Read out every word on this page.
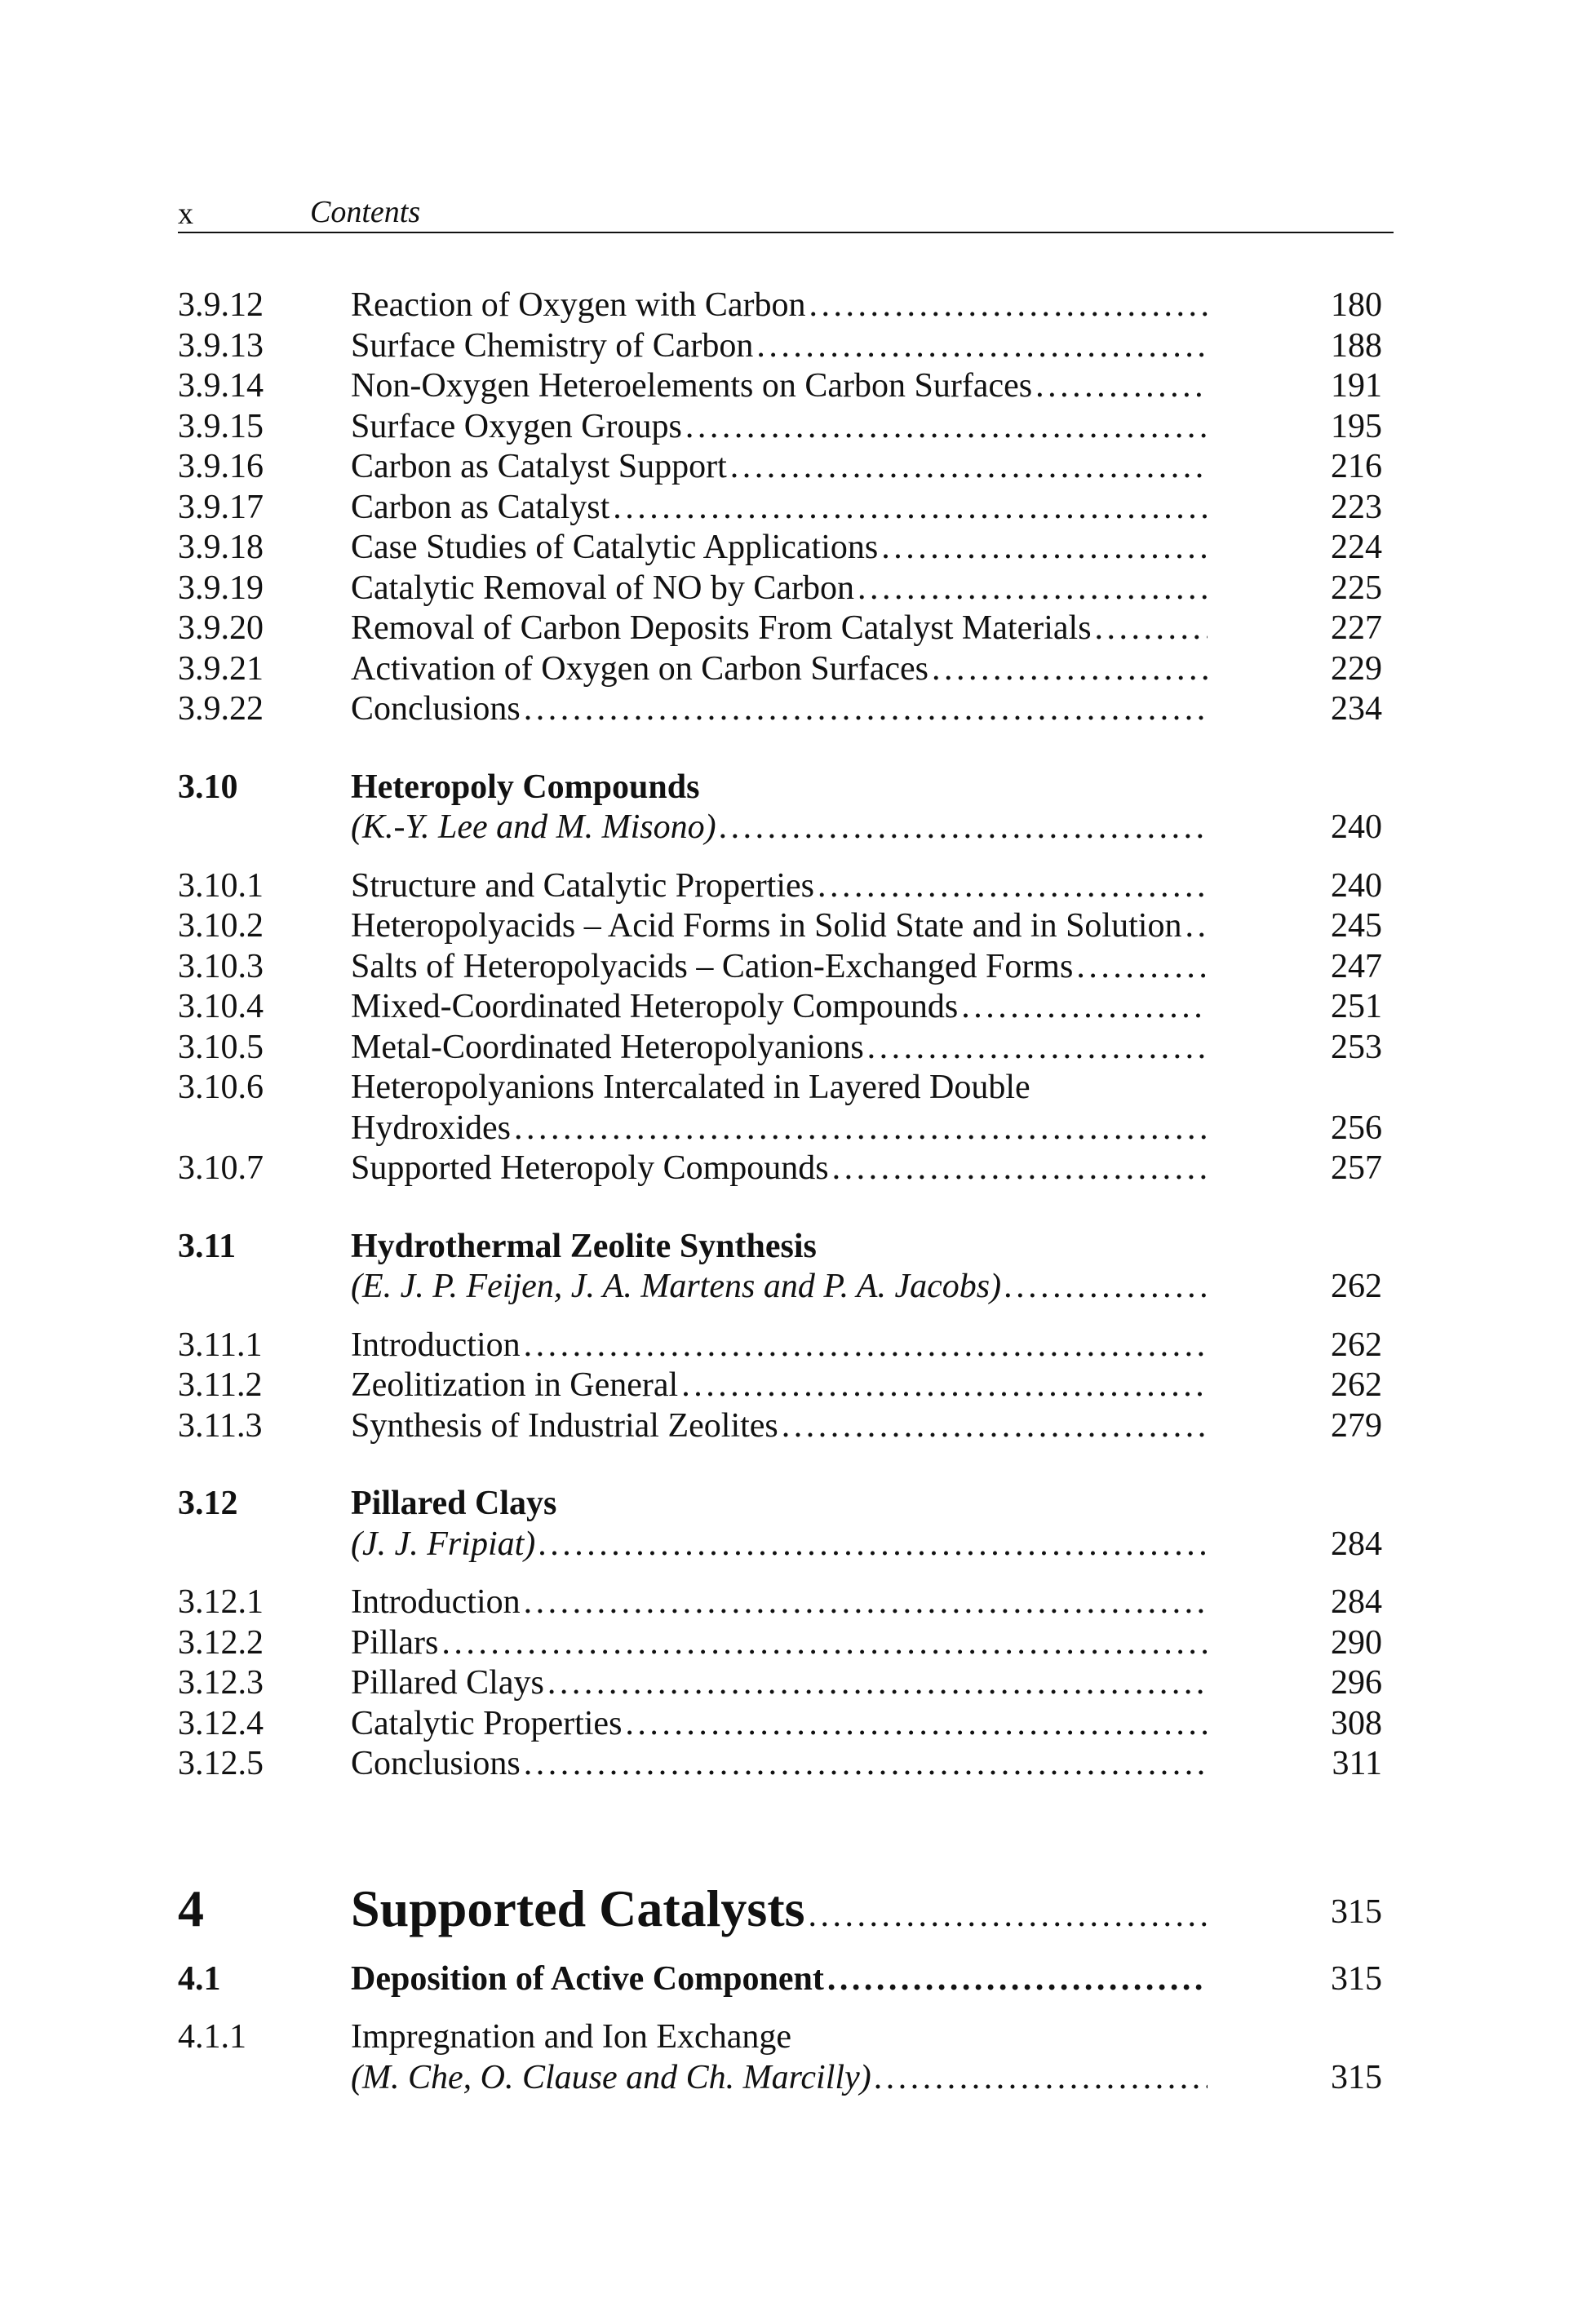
x	Contents
3.9.12	Reaction of Oxygen with Carbon . . .	180
3.9.13	Surface Chemistry of Carbon . . .	188
3.9.14	Non-Oxygen Heteroelements on Carbon Surfaces . . .	191
3.9.15	Surface Oxygen Groups . . .	195
3.9.16	Carbon as Catalyst Support . . .	216
3.9.17	Carbon as Catalyst . . .	223
3.9.18	Case Studies of Catalytic Applications . . .	224
3.9.19	Catalytic Removal of NO by Carbon . . .	225
3.9.20	Removal of Carbon Deposits From Catalyst Materials . . .	227
3.9.21	Activation of Oxygen on Carbon Surfaces . . .	229
3.9.22	Conclusions . . .	234
3.10	Heteropoly Compounds
(K.-Y. Lee and M. Misono) . . .	240
3.10.1	Structure and Catalytic Properties . . .	240
3.10.2	Heteropolyacids – Acid Forms in Solid State and in Solution . . .	245
3.10.3	Salts of Heteropolyacids – Cation-Exchanged Forms . . .	247
3.10.4	Mixed-Coordinated Heteropoly Compounds . . .	251
3.10.5	Metal-Coordinated Heteropolyanions . . .	253
3.10.6	Heteropolyanions Intercalated in Layered Double
Hydroxides . . .	256
3.10.7	Supported Heteropoly Compounds . . .	257
3.11	Hydrothermal Zeolite Synthesis
(E. J. P. Feijen, J. A. Martens and P. A. Jacobs) . . .	262
3.11.1	Introduction . . .	262
3.11.2	Zeolitization in General . . .	262
3.11.3	Synthesis of Industrial Zeolites . . .	279
3.12	Pillared Clays
(J. J. Fripiat) . . .	284
3.12.1	Introduction . . .	284
3.12.2	Pillars . . .	290
3.12.3	Pillared Clays . . .	296
3.12.4	Catalytic Properties . . .	308
3.12.5	Conclusions . . .	311
4	Supported Catalysts . . .	315
4.1	Deposition of Active Component . . .	315
4.1.1	Impregnation and Ion Exchange
(M. Che, O. Clause and Ch. Marcilly) . . .	315
